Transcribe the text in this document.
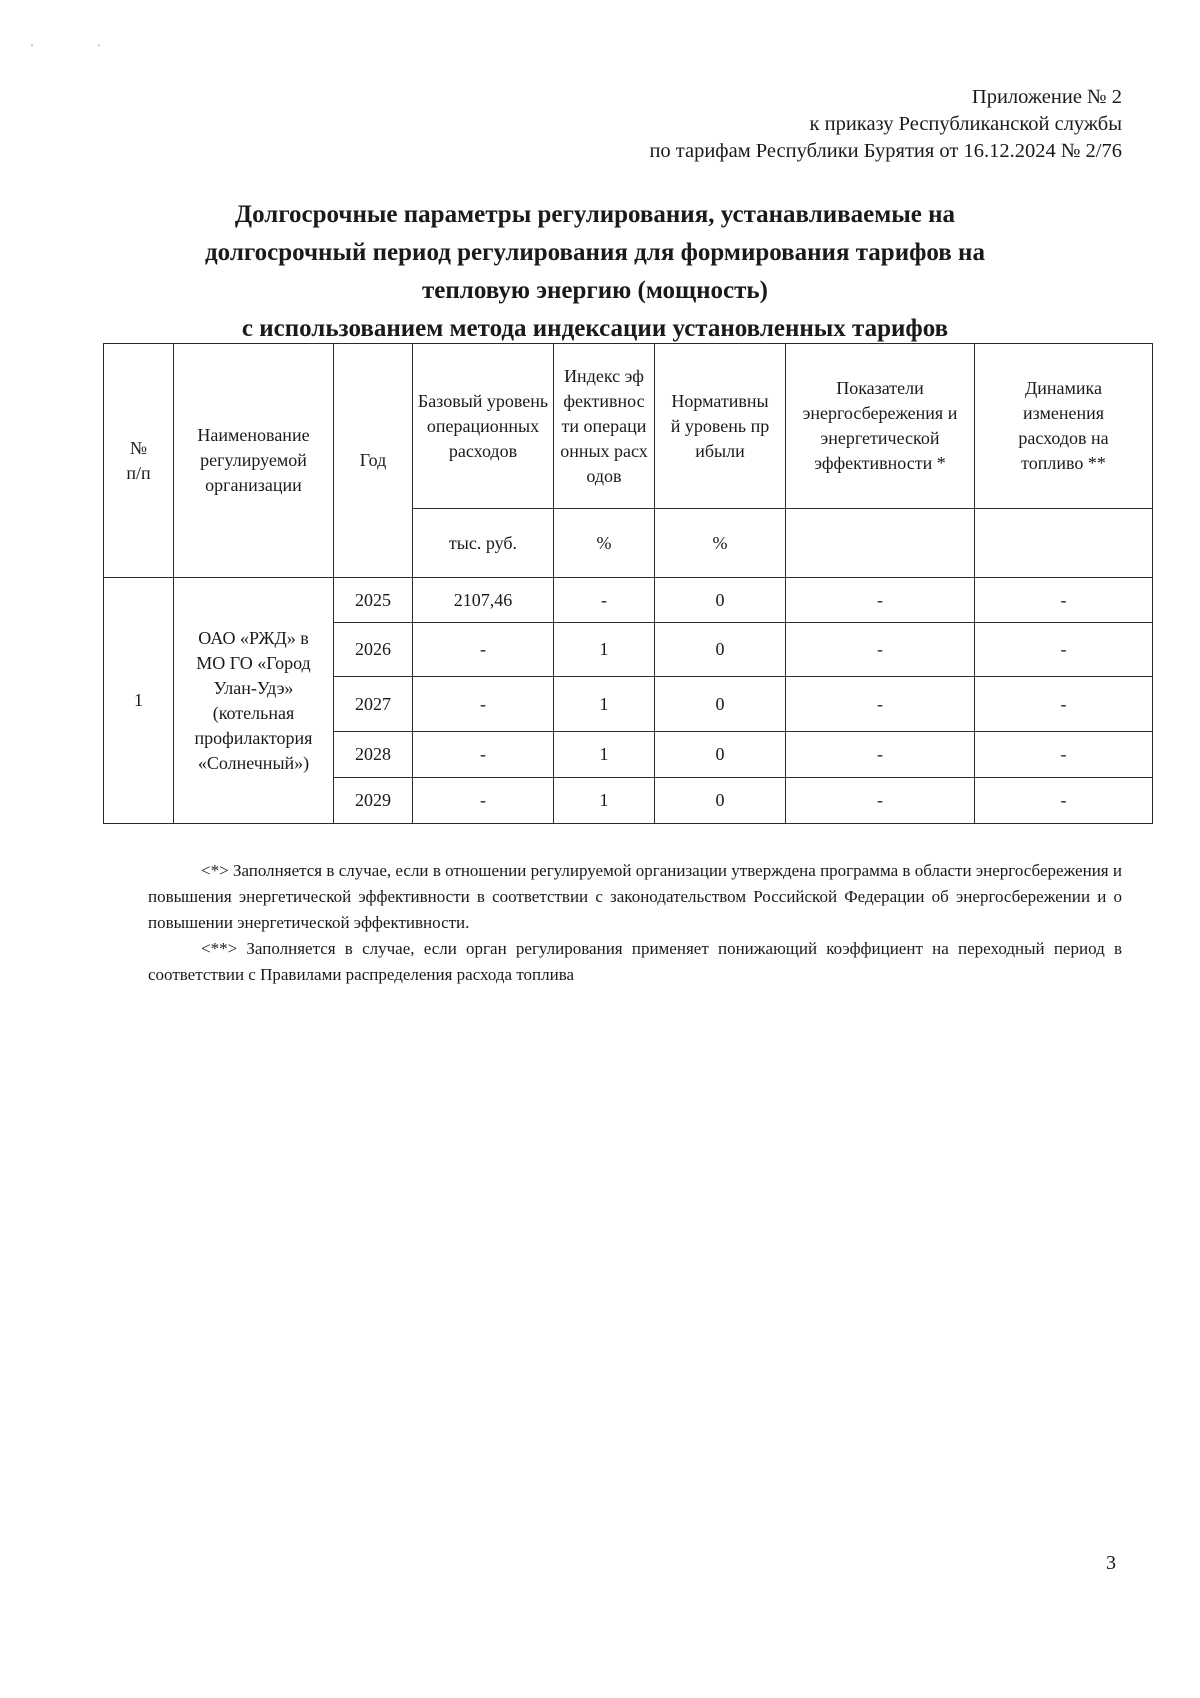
· ·
Приложение № 2
к приказу Республиканской службы
по тарифам Республики Бурятия от 16.12.2024 № 2/76
Долгосрочные параметры регулирования, устанавливаемые на
долгосрочный период регулирования для формирования тарифов на
тепловую энергию (мощность)
с использованием метода индексации установленных тарифов
№ п/п	Наименование регулируемой организации	Год	Базовый уровень операционных расходов	Индекс эффективности операционных расходов	Нормативный уровень прибыли	Показатели энергосбережения и энергетической эффективности *	Динамика изменения расходов на топливо **
			тыс. руб.	%	%		
1	ОАО «РЖД» в МО ГО «Город Улан-Удэ» (котельная профилактория «Солнечный»)	2025	2107,46	-	0	-	-
		2026	-	1	0	-	-
		2027	-	1	0	-	-
		2028	-	1	0	-	-
		2029	-	1	0	-	-

<*> Заполняется в случае, если в отношении регулируемой организации утверждена программа в области энергосбережения и повышения энергетической эффективности в соответствии с законодательством Российской Федерации об энергосбережении и о повышении энергетической эффективности.

<**> Заполняется в случае, если орган регулирования применяет понижающий коэффициент на переходный период в соответствии с Правилами распределения расхода топлива

3
